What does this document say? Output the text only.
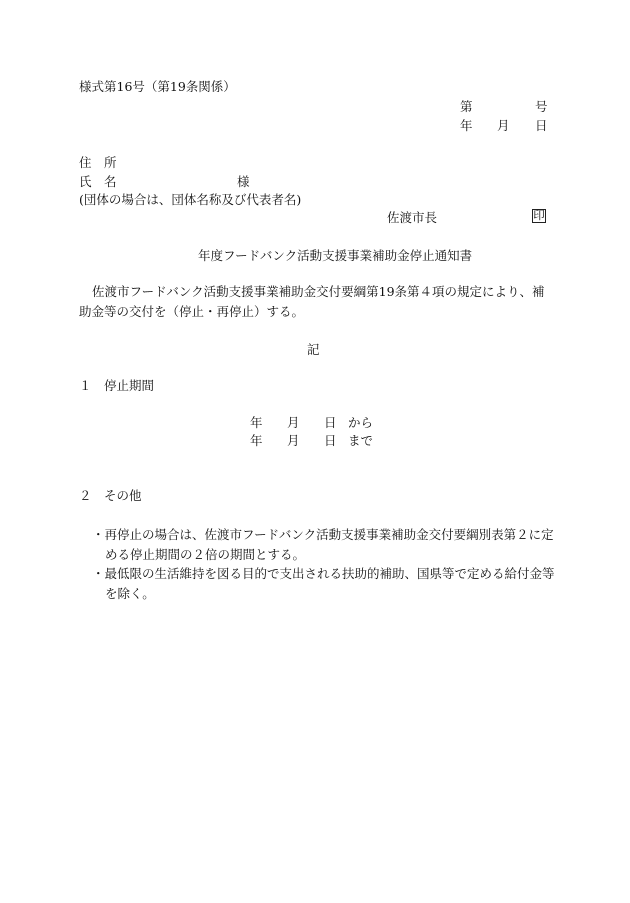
様式第16号（第19条関係）
第	号
年 月 日
住　所
氏　名	様
(団体の場合は、団体名称及び代表者名)
佐渡市長	印
年度フードバンク活動支援事業補助金停止通知書
佐渡市フードバンク活動支援事業補助金交付要綱第19条第４項の規定により、補助金等の交付を（停止・再停止）する。
記
１　停止期間
年 月 日 から
年 月 日 まで
２　その他
・再停止の場合は、佐渡市フードバンク活動支援事業補助金交付要綱別表第２に定める停止期間の２倍の期間とする。
・最低限の生活維持を図る目的で支出される扶助的補助、国県等で定める給付金等を除く。
